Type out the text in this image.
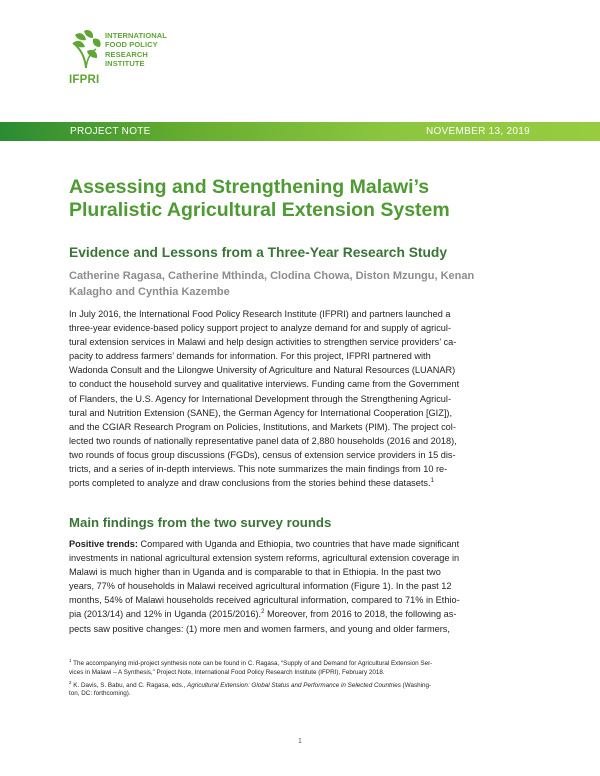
INTERNATIONAL
FOOD POLICY
RESEARCH
INSTITUTE
IFPRI
PROJECT NOTE	NOVEMBER 13, 2019
Assessing and Strengthening Malawi’s
Pluralistic Agricultural Extension System
Evidence and Lessons from a Three-Year Research Study
Catherine Ragasa, Catherine Mthinda, Clodina Chowa, Diston Mzungu, Kenan
Kalagho and Cynthia Kazembe
In July 2016, the International Food Policy Research Institute (IFPRI) and partners launched a
three-year evidence-based policy support project to analyze demand for and supply of agricul-
tural extension services in Malawi and help design activities to strengthen service providers’ ca-
pacity to address farmers’ demands for information. For this project, IFPRI partnered with
Wadonda Consult and the Lilongwe University of Agriculture and Natural Resources (LUANAR)
to conduct the household survey and qualitative interviews. Funding came from the Government
of Flanders, the U.S. Agency for International Development through the Strengthening Agricul-
tural and Nutrition Extension (SANE), the German Agency for International Cooperation [GIZ]),
and the CGIAR Research Program on Policies, Institutions, and Markets (PIM). The project col-
lected two rounds of nationally representative panel data of 2,880 households (2016 and 2018),
two rounds of focus group discussions (FGDs), census of extension service providers in 15 dis-
tricts, and a series of in-depth interviews. This note summarizes the main findings from 10 re-
ports completed to analyze and draw conclusions from the stories behind these datasets.$^1$
Main findings from the two survey rounds
Positive trends: Compared with Uganda and Ethiopia, two countries that have made significant
investments in national agricultural extension system reforms, agricultural extension coverage in
Malawi is much higher than in Uganda and is comparable to that in Ethiopia. In the past two
years, 77% of households in Malawi received agricultural information (Figure 1). In the past 12
months, 54% of Malawi households received agricultural information, compared to 71% in Ethio-
pia (2013/14) and 12% in Uganda (2015/2016).$^2$ Moreover, from 2016 to 2018, the following as-
pects saw positive changes: (1) more men and women farmers, and young and older farmers,
$^1$ The accompanying mid-project synthesis note can be found in C. Ragasa, “Supply of and Demand for Agricultural Extension Ser-
vices in Malawi – A Synthesis,” Project Note, International Food Policy Research Institute (IFPRI), February 2018.
$^2$ K. Davis, S. Babu, and C. Ragasa, eds., Agricultural Extension: Global Status and Performance in Selected Countries (Washing-
ton, DC: forthcoming).
1
